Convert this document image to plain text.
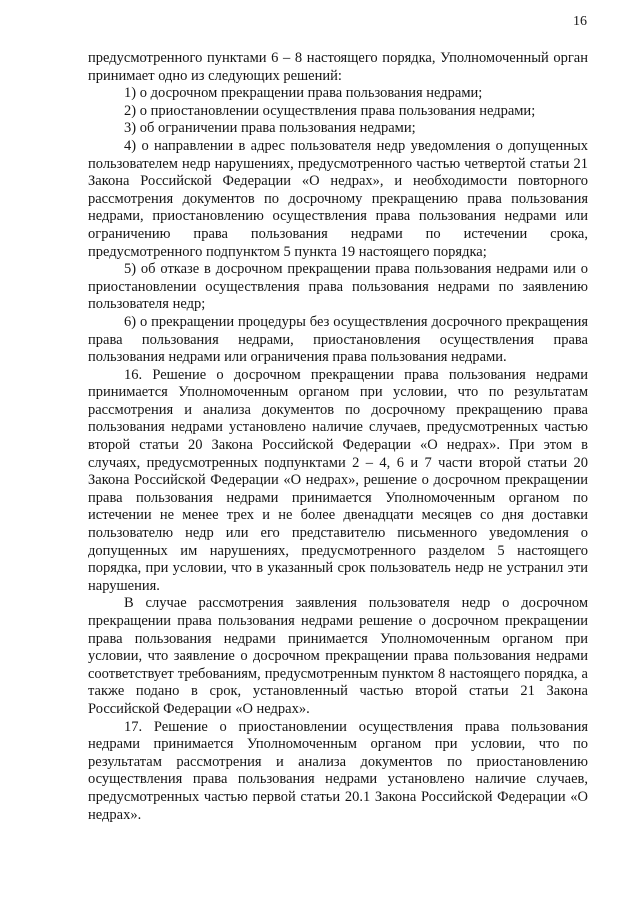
16

предусмотренного пунктами 6 – 8 настоящего порядка, Уполномоченный орган принимает одно из следующих решений:

1) о досрочном прекращении права пользования недрами;

2) о приостановлении осуществления права пользования недрами;

3) об ограничении права пользования недрами;

4) о направлении в адрес пользователя недр уведомления о допущенных пользователем недр нарушениях, предусмотренного частью четвертой статьи 21 Закона Российской Федерации «О недрах», и необходимости повторного рассмотрения документов по досрочному прекращению права пользования недрами, приостановлению осуществления права пользования недрами или ограничению права пользования недрами по истечении срока, предусмотренного подпунктом 5 пункта 19 настоящего порядка;

5) об отказе в досрочном прекращении права пользования недрами или о приостановлении осуществления права пользования недрами по заявлению пользователя недр;

6) о прекращении процедуры без осуществления досрочного прекращения права пользования недрами, приостановления осуществления права пользования недрами или ограничения права пользования недрами.

16. Решение о досрочном прекращении права пользования недрами принимается Уполномоченным органом при условии, что по результатам рассмотрения и анализа документов по досрочному прекращению права пользования недрами установлено наличие случаев, предусмотренных частью второй статьи 20 Закона Российской Федерации «О недрах». При этом в случаях, предусмотренных подпунктами 2 – 4, 6 и 7 части второй статьи 20 Закона Российской Федерации «О недрах», решение о досрочном прекращении права пользования недрами принимается Уполномоченным органом по истечении не менее трех и не более двенадцати месяцев со дня доставки пользователю недр или его представителю письменного уведомления о допущенных им нарушениях, предусмотренного разделом 5 настоящего порядка, при условии, что в указанный срок пользователь недр не устранил эти нарушения.

В случае рассмотрения заявления пользователя недр о досрочном прекращении права пользования недрами решение о досрочном прекращении права пользования недрами принимается Уполномоченным органом при условии, что заявление о досрочном прекращении права пользования недрами соответствует требованиям, предусмотренным пунктом 8 настоящего порядка, а также подано в срок, установленный частью второй статьи 21 Закона Российской Федерации «О недрах».

17. Решение о приостановлении осуществления права пользования недрами принимается Уполномоченным органом при условии, что по результатам рассмотрения и анализа документов по приостановлению осуществления права пользования недрами установлено наличие случаев, предусмотренных частью первой статьи 20.1 Закона Российской Федерации «О недрах».
